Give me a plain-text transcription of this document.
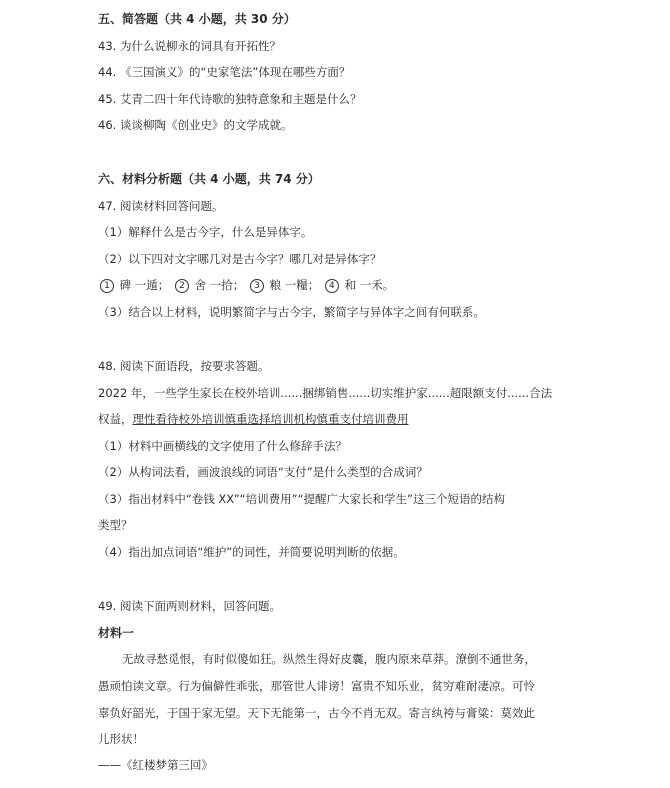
五、简答题（共 4 小题，共 30 分）
43. 为什么说柳永的词具有开拓性？
44. 《三国演义》的“史家笔法”体现在哪些方面？
45. 艾青二四十年代诗歌的独特意象和主题是什么？
46. 谈谈柳陶《创业史》的文学成就。
六、材料分析题（共 4 小题，共 74 分）
47. 阅读材料回答问题。
（1）解释什么是古今字，什么是异体字。
（2）以下四对文字哪几对是古今字？哪几对是异体字？
1 碑 一遁； 2 舍 一拾； 3 粮 一糧； 4 和 一禾。
（3）结合以上材料，说明繁简字与古今字，繁简字与异体字之间有何联系。
48. 阅读下面语段，按要求答题。
2022 年，一些学生家长在校外培训......捆绑销售......切实维护家......超限额支付......合法
权益，理性看待校外培训慎重选择培训机构慎重支付培训费用
（1）材料中画横线的文字使用了什么修辞手法？
（2）从构词法看，画波浪线的词语“支付”是什么类型的合成词？
（3）指出材料中“卷钱 XX”“培训费用”“提醒广大家长和学生”这三个短语的结构
类型？
（4）指出加点词语“维护”的词性，并简要说明判断的依据。
49. 阅读下面两则材料，回答问题。
材料一
无故寻愁觅恨，有时似傻如狂。纵然生得好皮囊，腹内原来草莽。潦倒不通世务，
愚顽怕读文章。行为偏僻性乖张，那管世人诽谤！富贵不知乐业，贫穷难耐凄凉。可怜
辜负好韶光，于国于家无望。天下无能第一，古今不肖无双。寄言纨袴与膏粱：莫效此
儿形状！
——《红楼梦第三回》
